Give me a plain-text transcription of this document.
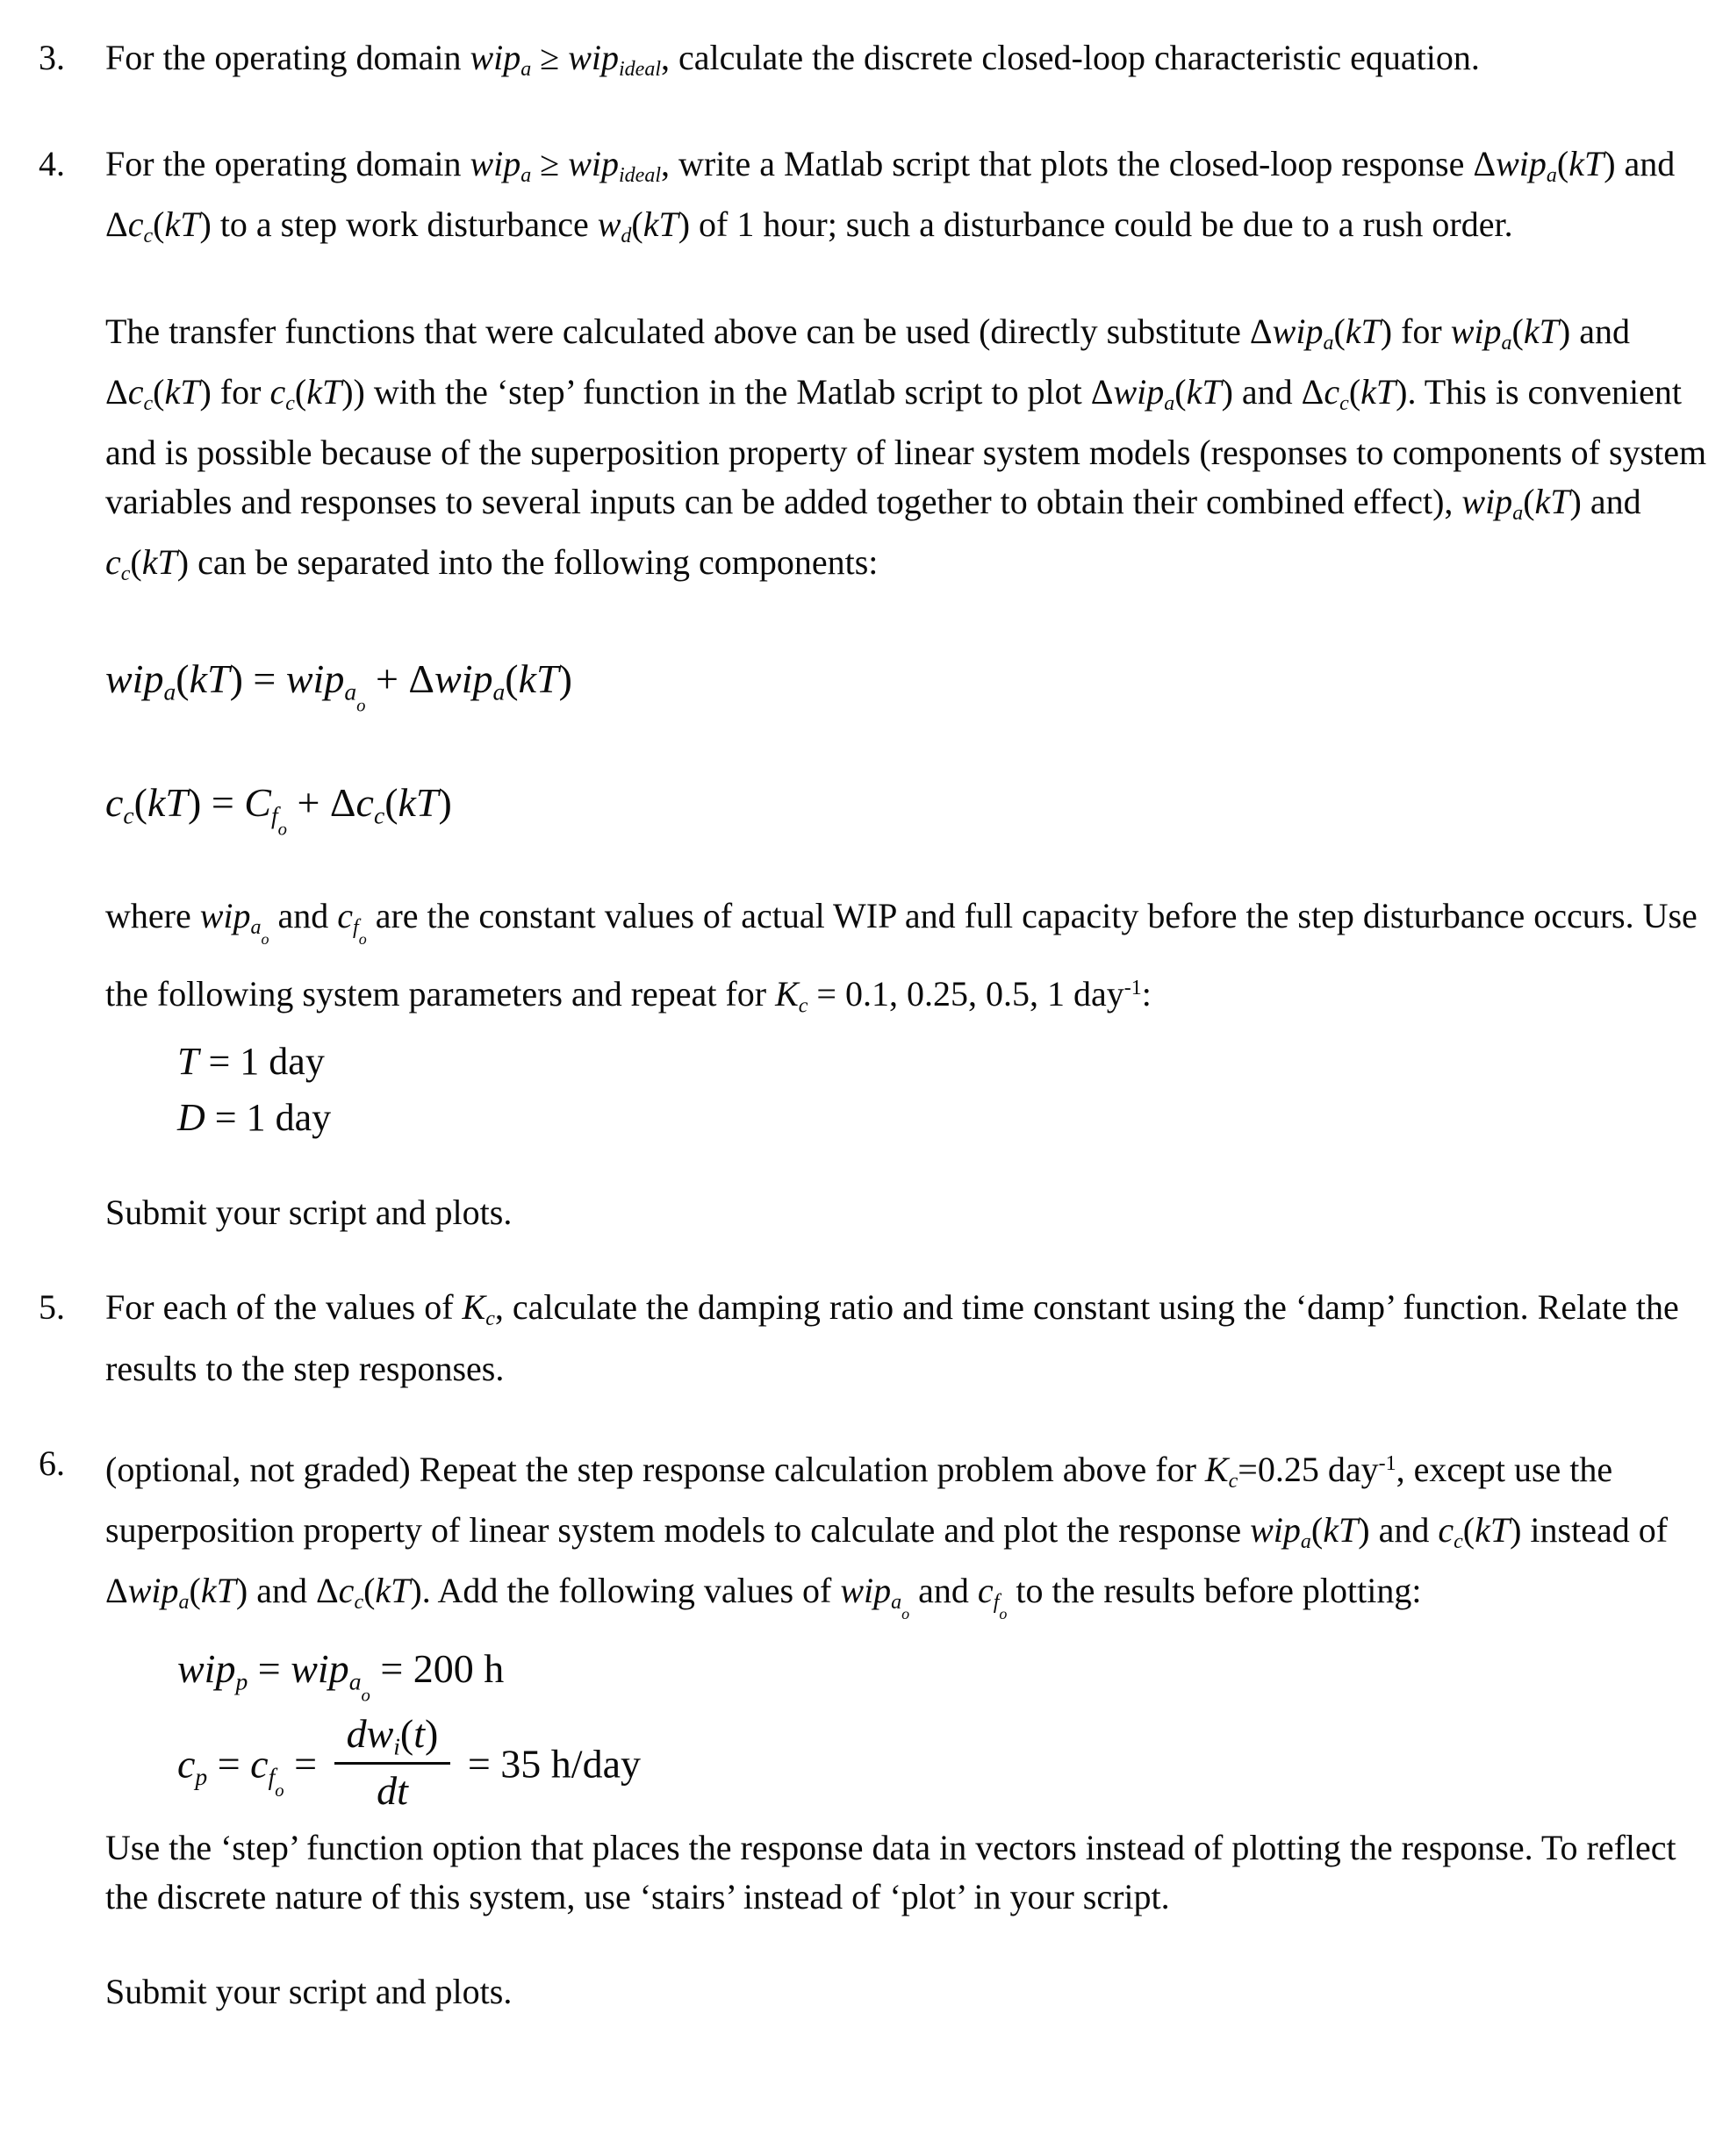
3. For the operating domain wipa ≥ wipideal, calculate the discrete closed-loop characteristic equation.
4. For the operating domain wipa ≥ wipideal, write a Matlab script that plots the closed-loop response Δwipa(kT) and Δcc(kT) to a step work disturbance wd(kT) of 1 hour; such a disturbance could be due to a rush order.
The transfer functions that were calculated above can be used (directly substitute Δwipa(kT) for wipa(kT) and Δcc(kT) for cc(kT)) with the ‘step’ function in the Matlab script to plot Δwipa(kT) and Δcc(kT). This is convenient and is possible because of the superposition property of linear system models (responses to components of system variables and responses to several inputs can be added together to obtain their combined effect), wipa(kT) and cc(kT) can be separated into the following components:
wipa(kT) = wipa$_o$ + Δwipa(kT)
$cc(kT) = Cf_o + \Delta cc(kT)$
where wipa$_o$ and $cf_o$ are the constant values of actual WIP and full capacity before the step disturbance occurs. Use the following system parameters and repeat for Kc = 0.1, 0.25, 0.5, 1 day$^{-1}$:
T = 1 day
D = 1 day
Submit your script and plots.
5. For each of the values of Kc, calculate the damping ratio and time constant using the ‘damp’ function. Relate the results to the step responses.
6. (optional, not graded) Repeat the step response calculation problem above for Kc=0.25 day$^{-1}$, except use the superposition property of linear system models to calculate and plot the response wipa(kT) and cc(kT) instead of Δwipa(kT) and Δcc(kT). Add the following values of wipa$_o$ and $cf_o$ to the results before plotting:
wipp = wipa$_o$ = 200 h
cp = $cf_o = \frac{\text{dwi(t)}}{dt} = 35$ h/day
Use the ‘step’ function option that places the response data in vectors instead of plotting the response. To reflect the discrete nature of this system, use ‘stairs’ instead of ‘plot’ in your script.
Submit your script and plots.
